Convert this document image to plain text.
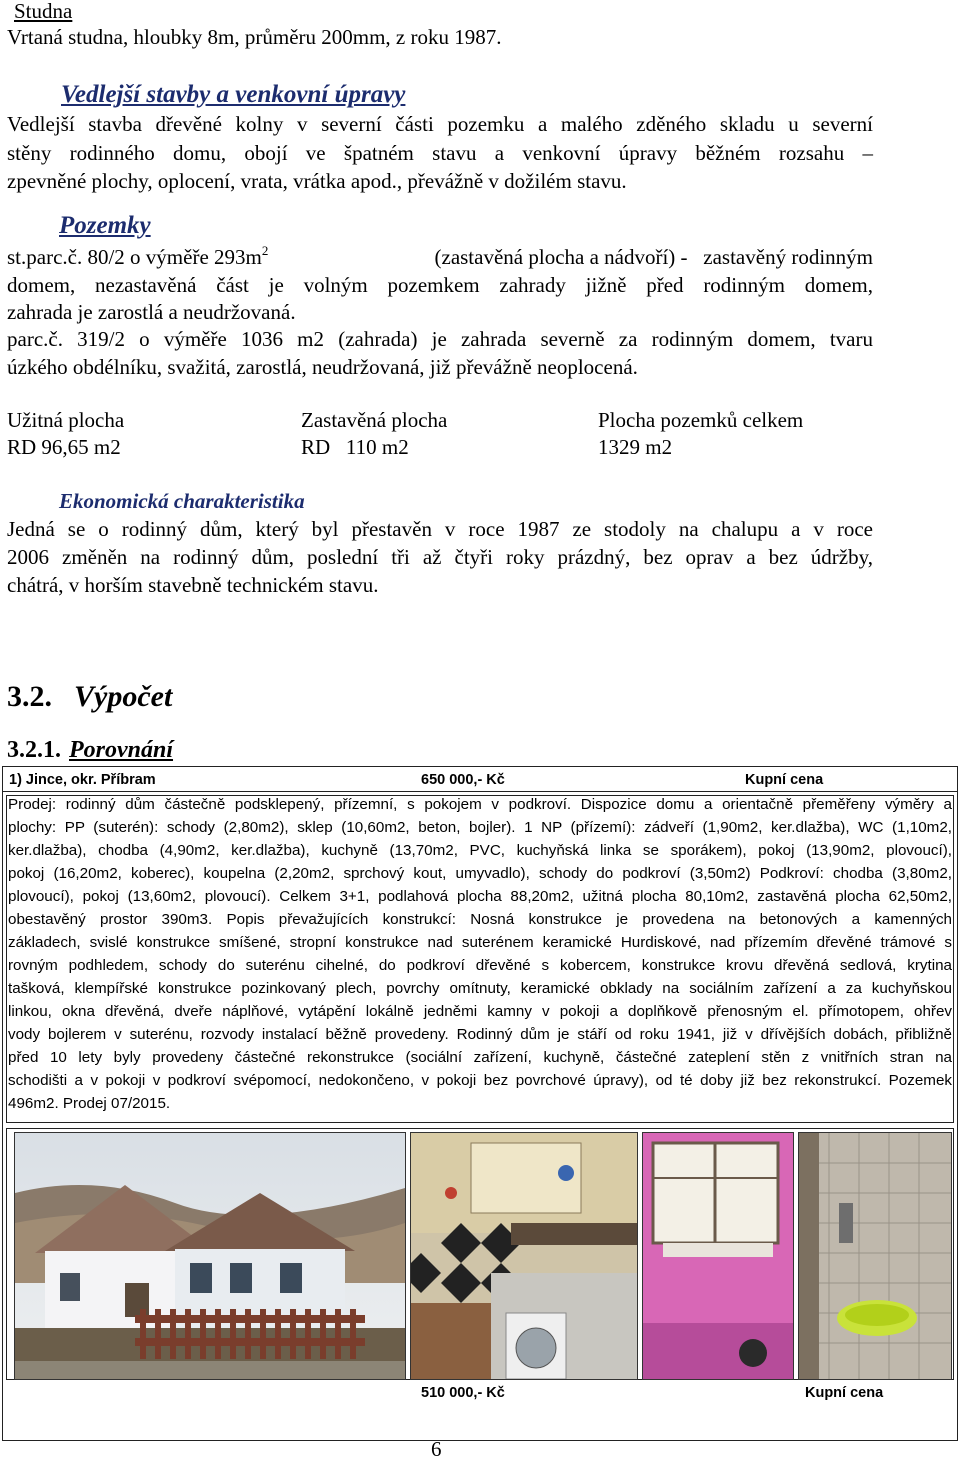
Studna
Vrtaná studna, hloubky 8m, průměru 200mm, z roku 1987.
Vedlejší stavby a venkovní úpravy
Vedlejší stavba dřevěné kolny v severní části pozemku a malého zděného skladu u severní
stěny rodinného domu, obojí ve špatném stavu a venkovní úpravy běžném rozsahu –
zpevněné plochy, oplocení, vrata, vrátka apod., převážně v dožilém stavu.
Pozemky
st.parc.č. 80/2 o výměře $293m^2$	(zastavěná plocha a nádvoří) -   zastavěný rodinným
domem, nezastavěná část je volným pozemkem zahrady jižně před rodinným domem,
zahrada je zarostlá a neudržovaná.
parc.č. 319/2 o výměře 1036 m2 (zahrada) je zahrada severně za rodinným domem, tvaru
úzkého obdélníku, svažitá, zarostlá, neudržovaná, již převážně neoplocená.
Užitná plocha	Zastavěná plocha	Plocha pozemků celkem
RD 96,65 m2	RD   110 m2	1329 m2
Ekonomická charakteristika
Jedná se o rodinný dům, který byl přestavěn v roce 1987 ze stodoly na chalupu a v roce
2006 změněn na rodinný dům, poslední tři až čtyři roky prázdný, bez oprav a bez údržby,
chátrá, v horším stavebně technickém stavu.
3.2. Výpočet
3.2.1. Porovnání
1) Jince, okr. Příbram	650 000,- Kč	Kupní cena
Prodej: rodinný dům částečně podsklepený, přízemní, s pokojem v podkroví. Dispozice domu a orientačně přeměřeny výměry a
plochy: PP (suterén): schody (2,80m2), sklep (10,60m2, beton, bojler). 1 NP (přízemí): zádveří (1,90m2, ker.dlažba), WC (1,10m2,
ker.dlažba), chodba (4,90m2, ker.dlažba), kuchyně (13,70m2, PVC, kuchyňská linka se sporákem), pokoj (13,90m2, plovoucí),
pokoj (16,20m2, koberec), koupelna (2,20m2, sprchový kout, umyvadlo), schody do podkroví (3,50m2) Podkroví: chodba (3,80m2,
plovoucí), pokoj (13,60m2, plovoucí). Celkem 3+1, podlahová plocha 88,20m2, užitná plocha 80,10m2, zastavěná plocha 62,50m2,
obestavěný prostor 390m3. Popis převažujících konstrukcí: Nosná konstrukce je provedena na betonových a kamenných
základech, svislé konstrukce smíšené, stropní konstrukce nad suterénem keramické Hurdiskové, nad přízemím dřevěné trámové s
rovným podhledem, schody do suterénu cihelné, do podkroví dřevěné s kobercem, konstrukce krovu dřevěná sedlová, krytina
tašková, klempířské konstrukce pozinkovaný plech, povrchy omítnuty, keramické obklady na sociálním zařízení a za kuchyňskou
linkou, okna dřevěná, dveře náplňové, vytápění lokálně jedněmi kamny v pokoji a doplňkově přenosným el. přímotopem, ohřev
vody bojlerem v suterénu, rozvody instalací běžně provedeny. Rodinný dům je stáří od roku 1941, již v dřívějších dobách, přibližně
před 10 lety byly provedeny částečné rekonstrukce (sociální zařízení, kuchyně, částečné zateplení stěn z vnitřních stran na
schodišti a v pokoji v podkroví svépomocí, nedokončeno, v pokoji bez povrchové úpravy), od té doby již bez rekonstrukcí. Pozemek
496m2. Prodej 07/2015.
510 000,- Kč	Kupní cena
6
